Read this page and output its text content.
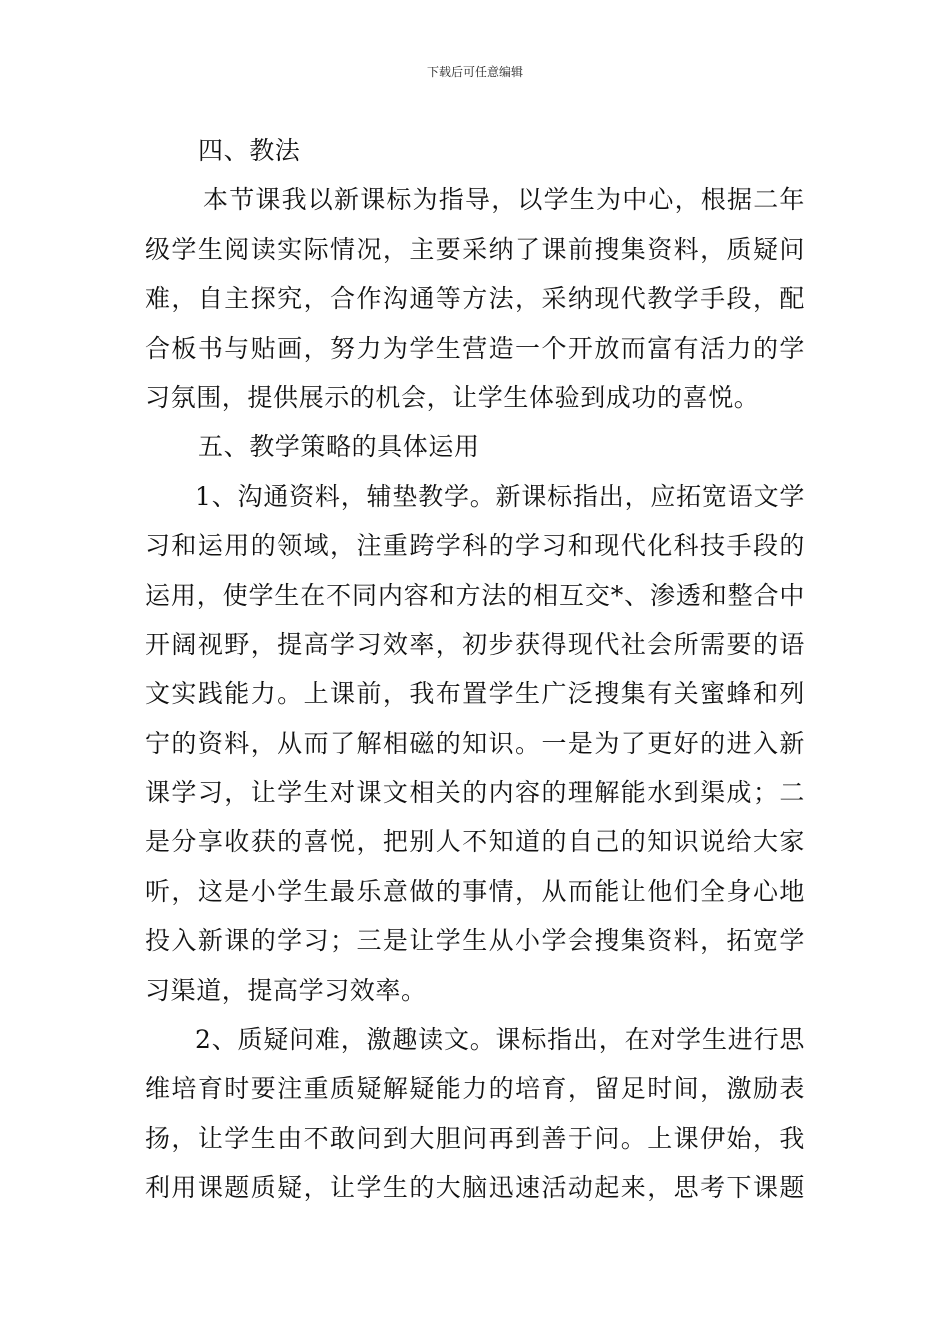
下载后可任意编辑
四、教法
本节课我以新课标为指导，以学生为中心，根据二年
级学生阅读实际情况，主要采纳了课前搜集资料，质疑问
难，自主探究，合作沟通等方法，采纳现代教学手段，配
合板书与贴画，努力为学生营造一个开放而富有活力的学
习氛围，提供展示的机会，让学生体验到成功的喜悦。
五、教学策略的具体运用
1、沟通资料，辅垫教学。新课标指出，应拓宽语文学
习和运用的领域，注重跨学科的学习和现代化科技手段的
运用，使学生在不同内容和方法的相互交*、渗透和整合中
开阔视野，提高学习效率，初步获得现代社会所需要的语
文实践能力。上课前，我布置学生广泛搜集有关蜜蜂和列
宁的资料，从而了解相磁的知识。一是为了更好的进入新
课学习，让学生对课文相关的内容的理解能水到渠成；二
是分享收获的喜悦，把别人不知道的自己的知识说给大家
听，这是小学生最乐意做的事情，从而能让他们全身心地
投入新课的学习；三是让学生从小学会搜集资料，拓宽学
习渠道，提高学习效率。
2、质疑问难，激趣读文。课标指出，在对学生进行思
维培育时要注重质疑解疑能力的培育，留足时间，激励表
扬，让学生由不敢问到大胆问再到善于问。上课伊始，我
利用课题质疑，让学生的大脑迅速活动起来，思考下课题
